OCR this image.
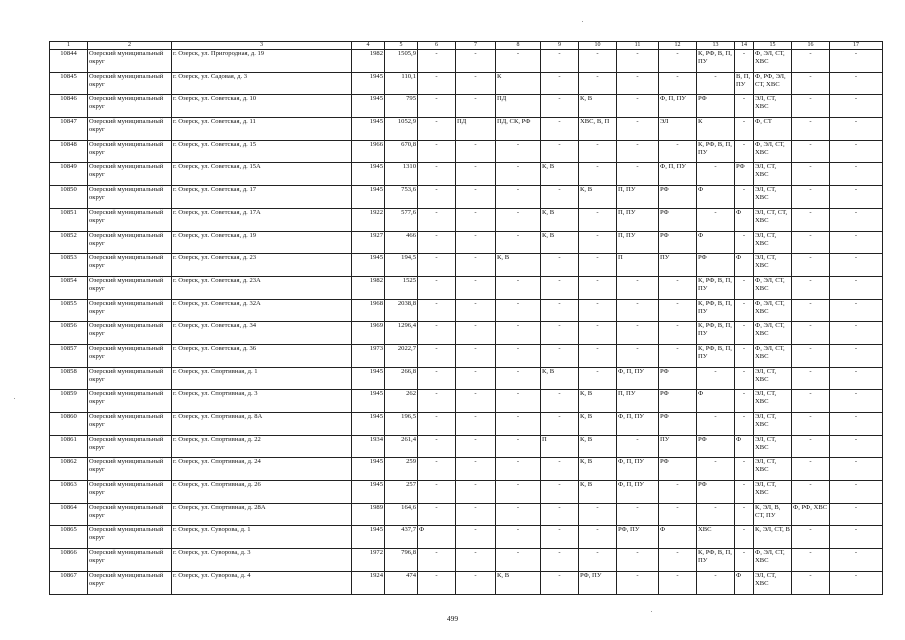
1	2	3	4	5	6	7	8	9	10	11	12	13	14	15	16	17
10844	Озерский муниципальный округ	г. Озерск, ул. Пригородная, д. 19	1982	1505,9	-	-	-	-	-	-	-	К, РФ, В, П, ПУ	-	Ф, ЭЛ, СТ, ХВС	-	-
10845	Озерский муниципальный округ	г. Озерск, ул. Садовая, д. 3	1945	110,1	-	-	К	-	-	-	-	-	В, П, ПУ	Ф, РФ, ЭЛ, СТ, ХВС	-	-
10846	Озерский муниципальный округ	г. Озерск, ул. Советская, д. 10	1945	795	-	-	ПД	-	К, В	-	Ф, П, ПУ	РФ	-	ЭЛ, СТ, ХВС	-	-
10847	Озерский муниципальный округ	г. Озерск, ул. Советская, д. 11	1945	1052,9	-	ПД	ПД, СК, РФ	-	ХВС, В, П	-	ЭЛ	К	-	Ф, СТ	-	-
10848	Озерский муниципальный округ	г. Озерск, ул. Советская, д. 15	1966	670,8	-	-	-	-	-	-	-	К, РФ, В, П, ПУ	-	Ф, ЭЛ, СТ, ХВС	-	-
10849	Озерский муниципальный округ	г. Озерск, ул. Советская, д. 15А	1945	1310	-	-	-	К, В	-	-	Ф, П, ПУ	-	РФ	ЭЛ, СТ, ХВС	-	-
10850	Озерский муниципальный округ	г. Озерск, ул. Советская, д. 17	1945	753,6	-	-	-	-	К, В	П, ПУ	РФ	Ф	-	ЭЛ, СТ, ХВС	-	-
10851	Озерский муниципальный округ	г. Озерск, ул. Советская, д. 17А	1922	577,6	-	-	-	К, В	-	П, ПУ	РФ	-	Ф	ЭЛ, СТ, СТ, ХВС	-	-
10852	Озерский муниципальный округ	г. Озерск, ул. Советская, д. 19	1927	466	-	-	-	К, В	-	П, ПУ	РФ	Ф	-	ЭЛ, СТ, ХВС	-	-
10853	Озерский муниципальный округ	г. Озерск, ул. Советская, д. 23	1945	194,5	-	-	К, В	-	-	П	ПУ	РФ	Ф	ЭЛ, СТ, ХВС	-	-
10854	Озерский муниципальный округ	г. Озерск, ул. Советская, д. 23А	1982	1525	-	-	-	-	-	-	-	К, РФ, В, П, ПУ	-	Ф, ЭЛ, СТ, ХВС	-	-
10855	Озерский муниципальный округ	г. Озерск, ул. Советская, д. 32А	1968	2038,8	-	-	-	-	-	-	-	К, РФ, В, П, ПУ	-	Ф, ЭЛ, СТ, ХВС	-	-
10856	Озерский муниципальный округ	г. Озерск, ул. Советская, д. 34	1969	1296,4	-	-	-	-	-	-	-	К, РФ, В, П, ПУ	-	Ф, ЭЛ, СТ, ХВС	-	-
10857	Озерский муниципальный округ	г. Озерск, ул. Советская, д. 36	1973	2022,7	-	-	-	-	-	-	-	К, РФ, В, П, ПУ	-	Ф, ЭЛ, СТ, ХВС	-	-
10858	Озерский муниципальный округ	г. Озерск, ул. Спортивная, д. 1	1945	266,8	-	-	-	К, В	-	Ф, П, ПУ	РФ	-	-	ЭЛ, СТ, ХВС	-	-
10859	Озерский муниципальный округ	г. Озерск, ул. Спортивная, д. 3	1945	262	-	-	-	-	К, В	П, ПУ	РФ	Ф	-	ЭЛ, СТ, ХВС	-	-
10860	Озерский муниципальный округ	г. Озерск, ул. Спортивная, д. 8А	1945	196,5	-	-	-	-	К, В	Ф, П, ПУ	РФ	-	-	ЭЛ, СТ, ХВС	-	-
10861	Озерский муниципальный округ	г. Озерск, ул. Спортивная, д. 22	1934	261,4	-	-	-	П	К, В	-	ПУ	РФ	Ф	ЭЛ, СТ, ХВС	-	-
10862	Озерский муниципальный округ	г. Озерск, ул. Спортивная, д. 24	1945	259	-	-	-	-	К, В	Ф, П, ПУ	РФ	-	-	ЭЛ, СТ, ХВС	-	-
10863	Озерский муниципальный округ	г. Озерск, ул. Спортивная, д. 26	1945	257	-	-	-	-	К, В	Ф, П, ПУ	-	РФ	-	ЭЛ, СТ, ХВС	-	-
10864	Озерский муниципальный округ	г. Озерск, ул. Спортивная, д. 28А	1989	164,6	-	-	-	-	-	-	-	-	-	К, ЭЛ, В, СТ, ПУ	Ф, РФ, ХВС	-
10865	Озерский муниципальный округ	г. Озерск, ул. Суворова, д. 1	1945	437,7	Ф	-	-	-	-	РФ, ПУ	Ф	ХВС	-	К, ЭЛ, СТ, В	-	-
10866	Озерский муниципальный округ	г. Озерск, ул. Суворова, д. 3	1972	796,8	-	-	-	-	-	-	-	К, РФ, В, П, ПУ	-	Ф, ЭЛ, СТ, ХВС	-	-
10867	Озерский муниципальный округ	г. Озерск, ул. Суворова, д. 4	1924	474	-	-	К, В	-	РФ, ПУ	-	-	-	Ф	ЭЛ, СТ, ХВС	-	-
499
